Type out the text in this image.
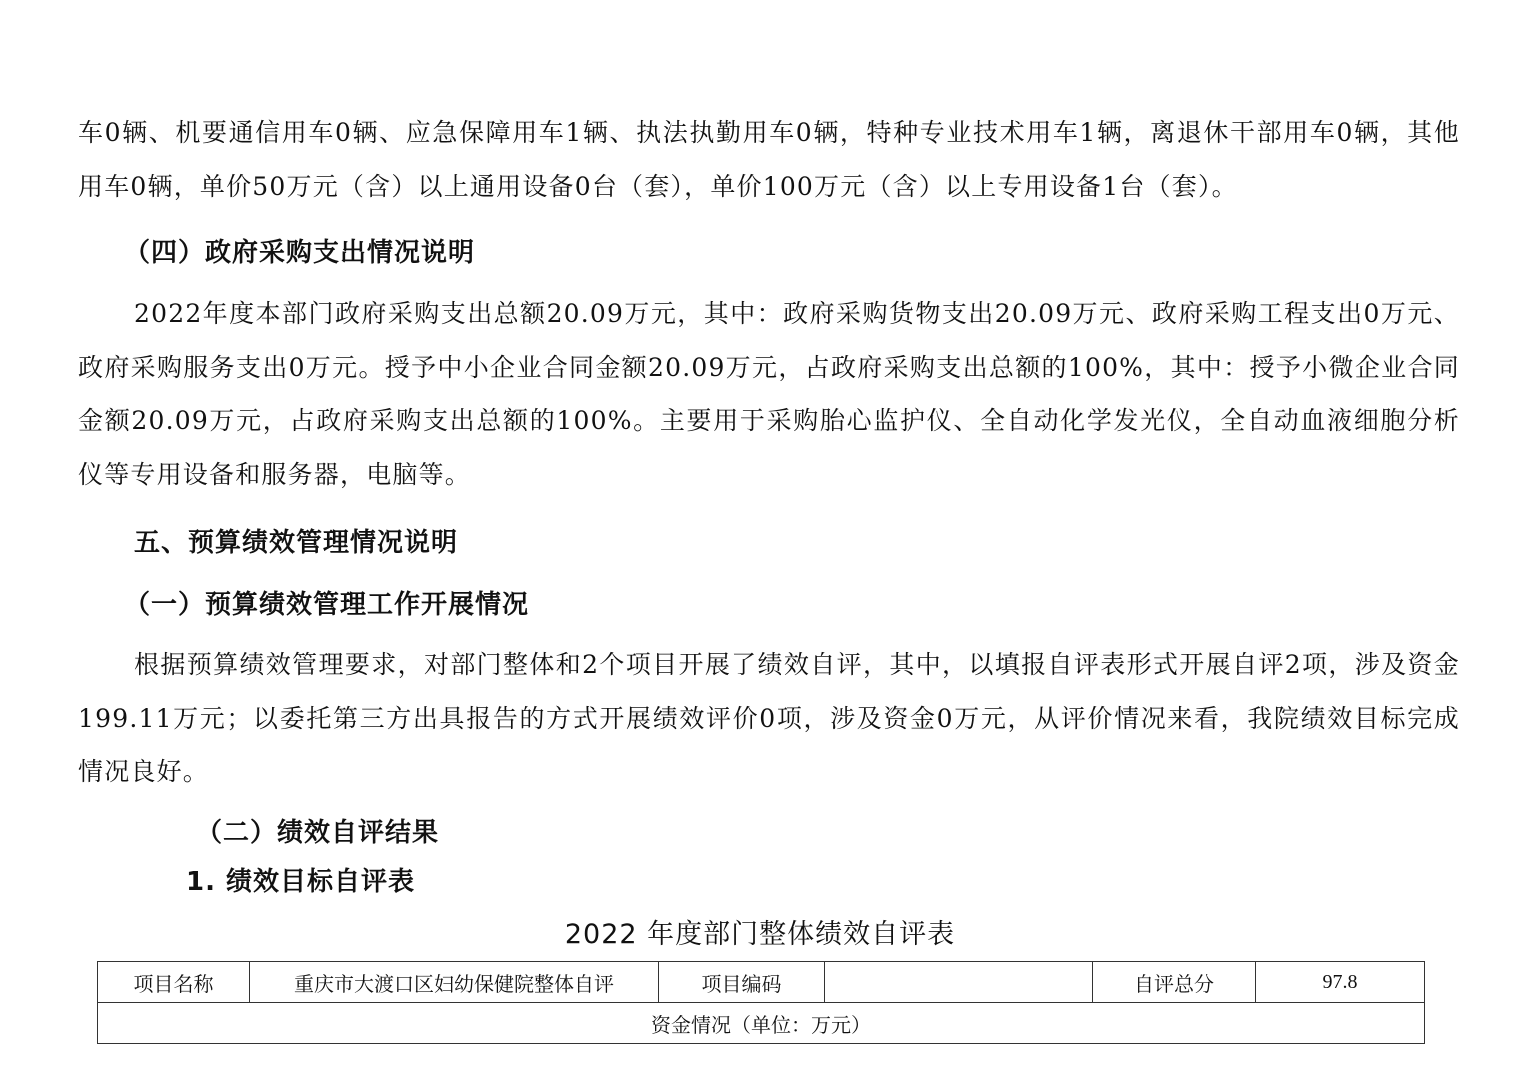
车0辆、机要通信用车0辆、应急保障用车1辆、执法执勤用车0辆，特种专业技术用车1辆，离退休干部用车0辆，其他用车0辆，单价50万元（含）以上通用设备0台（套），单价100万元（含）以上专用设备1台（套）。

（四）政府采购支出情况说明

2022年度本部门政府采购支出总额20.09万元，其中：政府采购货物支出20.09万元、政府采购工程支出0万元、政府采购服务支出0万元。授予中小企业合同金额20.09万元，占政府采购支出总额的100%，其中：授予小微企业合同金额20.09万元，占政府采购支出总额的100%。主要用于采购胎心监护仪、全自动化学发光仪，全自动血液细胞分析仪等专用设备和服务器，电脑等。

五、预算绩效管理情况说明
（一）预算绩效管理工作开展情况

根据预算绩效管理要求，对部门整体和2个项目开展了绩效自评，其中，以填报自评表形式开展自评2项，涉及资金199.11万元；以委托第三方出具报告的方式开展绩效评价0项，涉及资金0万元，从评价情况来看，我院绩效目标完成情况良好。

（二）绩效自评结果
1. 绩效目标自评表

2022 年度部门整体绩效自评表

项目名称	重庆市大渡口区妇幼保健院整体自评	项目编码		自评总分	97.8
资金情况（单位：万元）
